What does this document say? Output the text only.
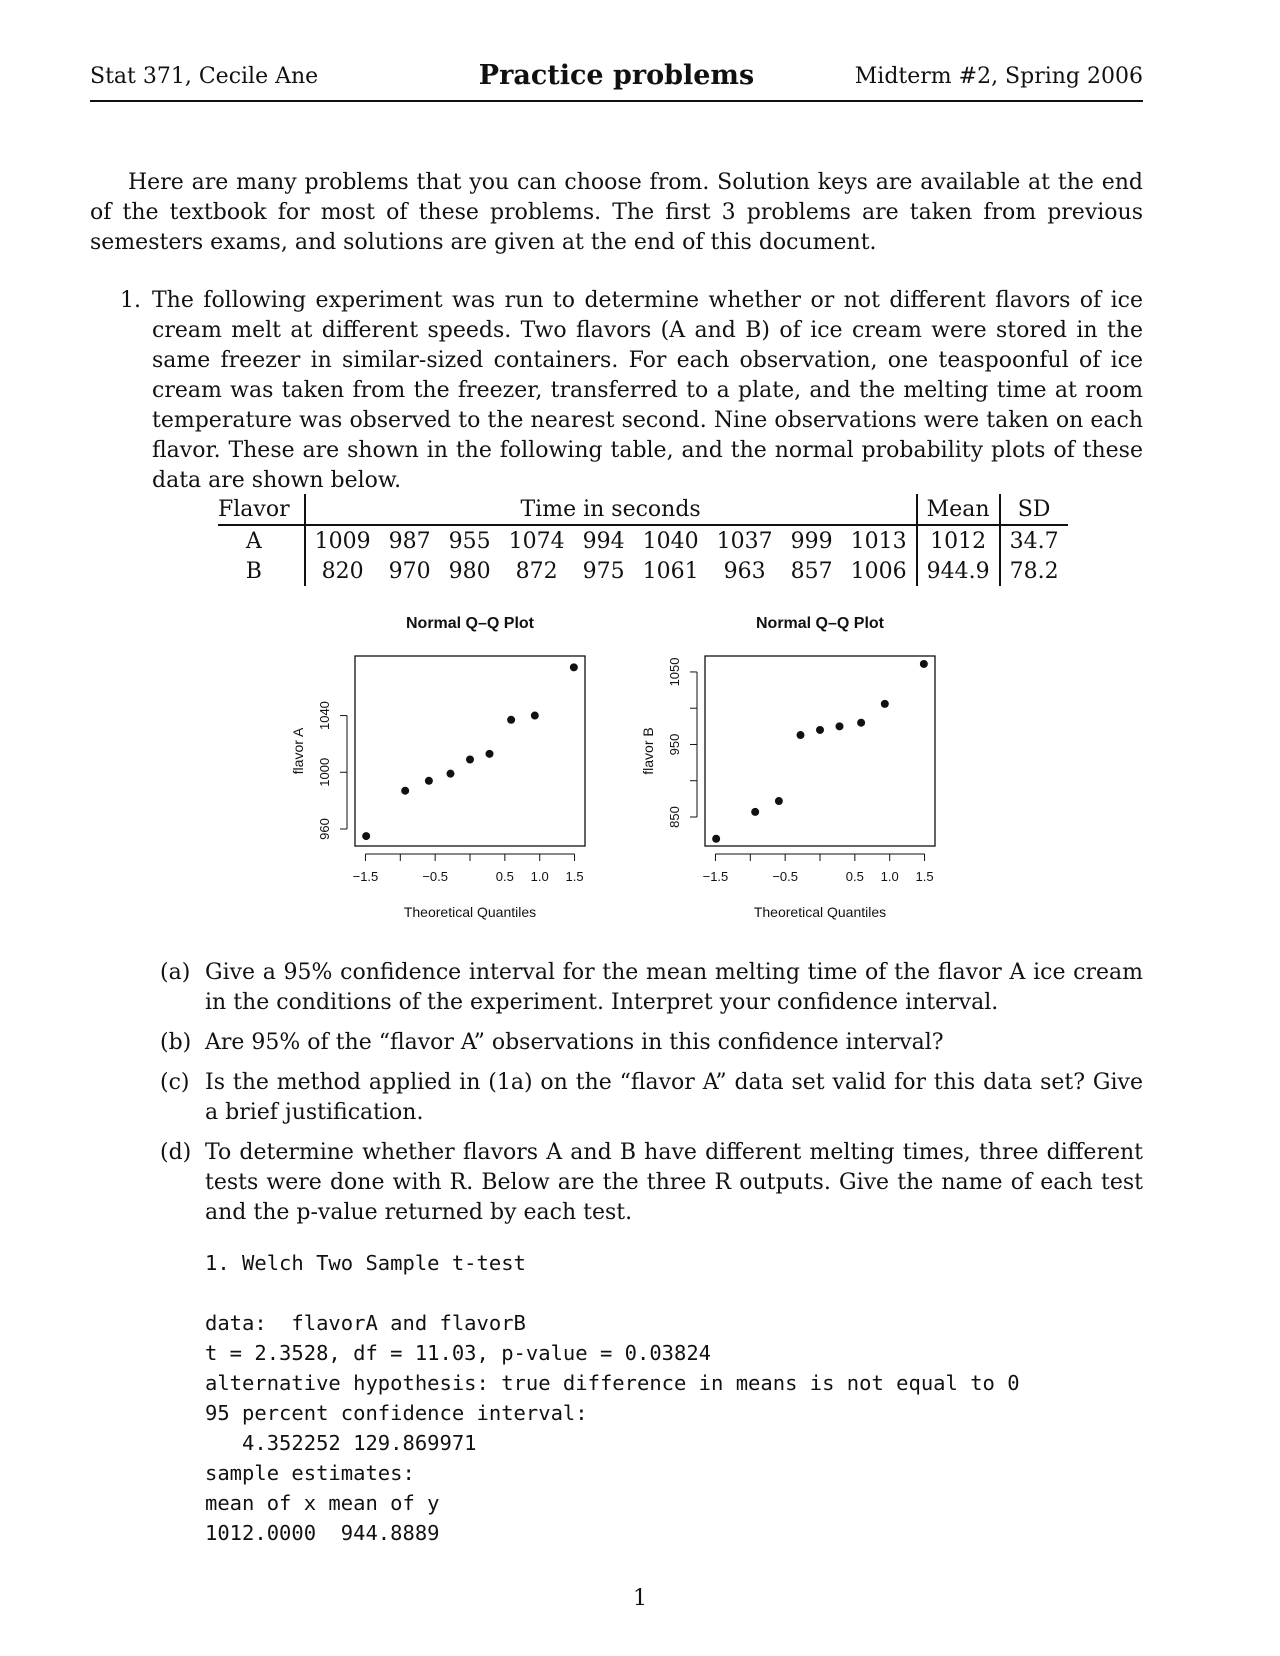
Stat 371, Cecile Ane	Practice problems	Midterm #2, Spring 2006

Here are many problems that you can choose from. Solution keys are available at the end of the textbook for most of these problems. The first 3 problems are taken from previous semesters exams, and solutions are given at the end of this document.

1. The following experiment was run to determine whether or not different flavors of ice cream melt at different speeds. Two flavors (A and B) of ice cream were stored in the same freezer in similar-sized containers. For each observation, one teaspoonful of ice cream was taken from the freezer, transferred to a plate, and the melting time at room temperature was observed to the nearest second. Nine observations were taken on each flavor. These are shown in the following table, and the normal probability plots of these data are shown below.
Flavor	Time in seconds									Mean	SD
A	1009	987	955	1074	994	1040	1037	999	1013	1012	34.7
B	820	970	980	872	975	1061	963	857	1006	944.9	78.2
Normal Q–Q Plot
−1.5	−0.5	0.5 1.0 1.5
Theoretical Quantiles
960
1000
1040
flavor A
Normal Q–Q Plot
−1.5	−0.5	0.5 1.0 1.5
Theoretical Quantiles
850
950
1050
flavor B
(a) Give a 95% confidence interval for the mean melting time of the flavor A ice cream in the conditions of the experiment. Interpret your confidence interval.
(b) Are 95% of the “flavor A” observations in this confidence interval?
(c) Is the method applied in (1a) on the “flavor A” data set valid for this data set? Give a brief justification.
(d) To determine whether flavors A and B have different melting times, three different tests were done with R. Below are the three R outputs. Give the name of each test and the p-value returned by each test.
1. Welch Two Sample t-test

data:  flavorA and flavorB
t = 2.3528, df = 11.03, p-value = 0.03824
alternative hypothesis: true difference in means is not equal to 0
95 percent confidence interval:
4.352252 129.869971
sample estimates:
mean of x mean of y
1012.0000  944.8889
1
